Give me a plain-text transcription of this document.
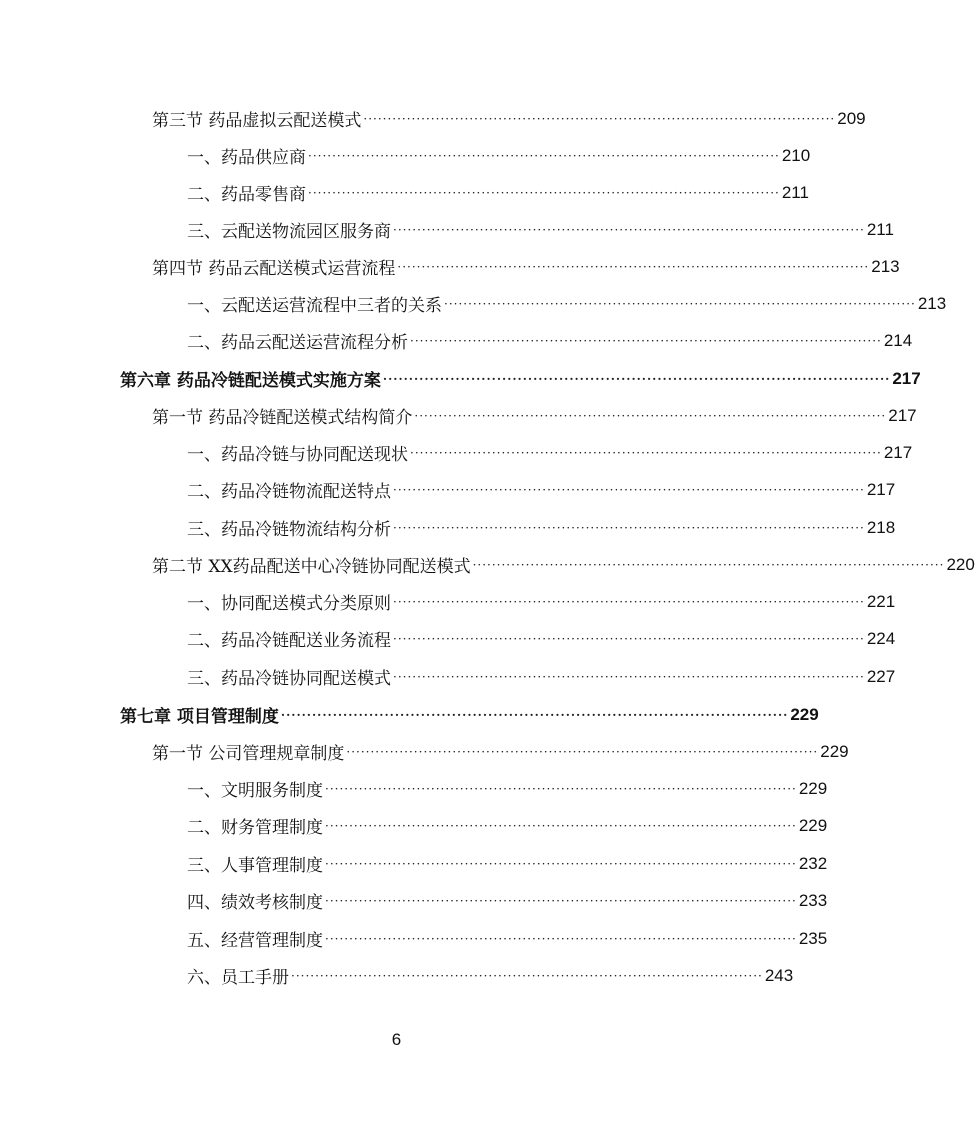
第三节 药品虚拟云配送模式 ·································································································· 209
一、药品供应商 ·································································································· 210
二、药品零售商 ·································································································· 211
三、云配送物流园区服务商 ·································································································· 211
第四节 药品云配送模式运营流程 ·································································································· 213
一、云配送运营流程中三者的关系 ·································································································· 213
二、药品云配送运营流程分析 ·································································································· 214
第六章 药品冷链配送模式实施方案 ·································································································· 217
第一节 药品冷链配送模式结构简介 ·································································································· 217
一、药品冷链与协同配送现状 ·································································································· 217
二、药品冷链物流配送特点 ·································································································· 217
三、药品冷链物流结构分析 ·································································································· 218
第二节 XX药品配送中心冷链协同配送模式 ·································································································· 220
一、协同配送模式分类原则 ·································································································· 221
二、药品冷链配送业务流程 ·································································································· 224
三、药品冷链协同配送模式 ·································································································· 227
第七章 项目管理制度 ·································································································· 229
第一节 公司管理规章制度 ·································································································· 229
一、文明服务制度 ·································································································· 229
二、财务管理制度 ·································································································· 229
三、人事管理制度 ·································································································· 232
四、绩效考核制度 ·································································································· 233
五、经营管理制度 ·································································································· 235
六、员工手册 ·································································································· 243
6
